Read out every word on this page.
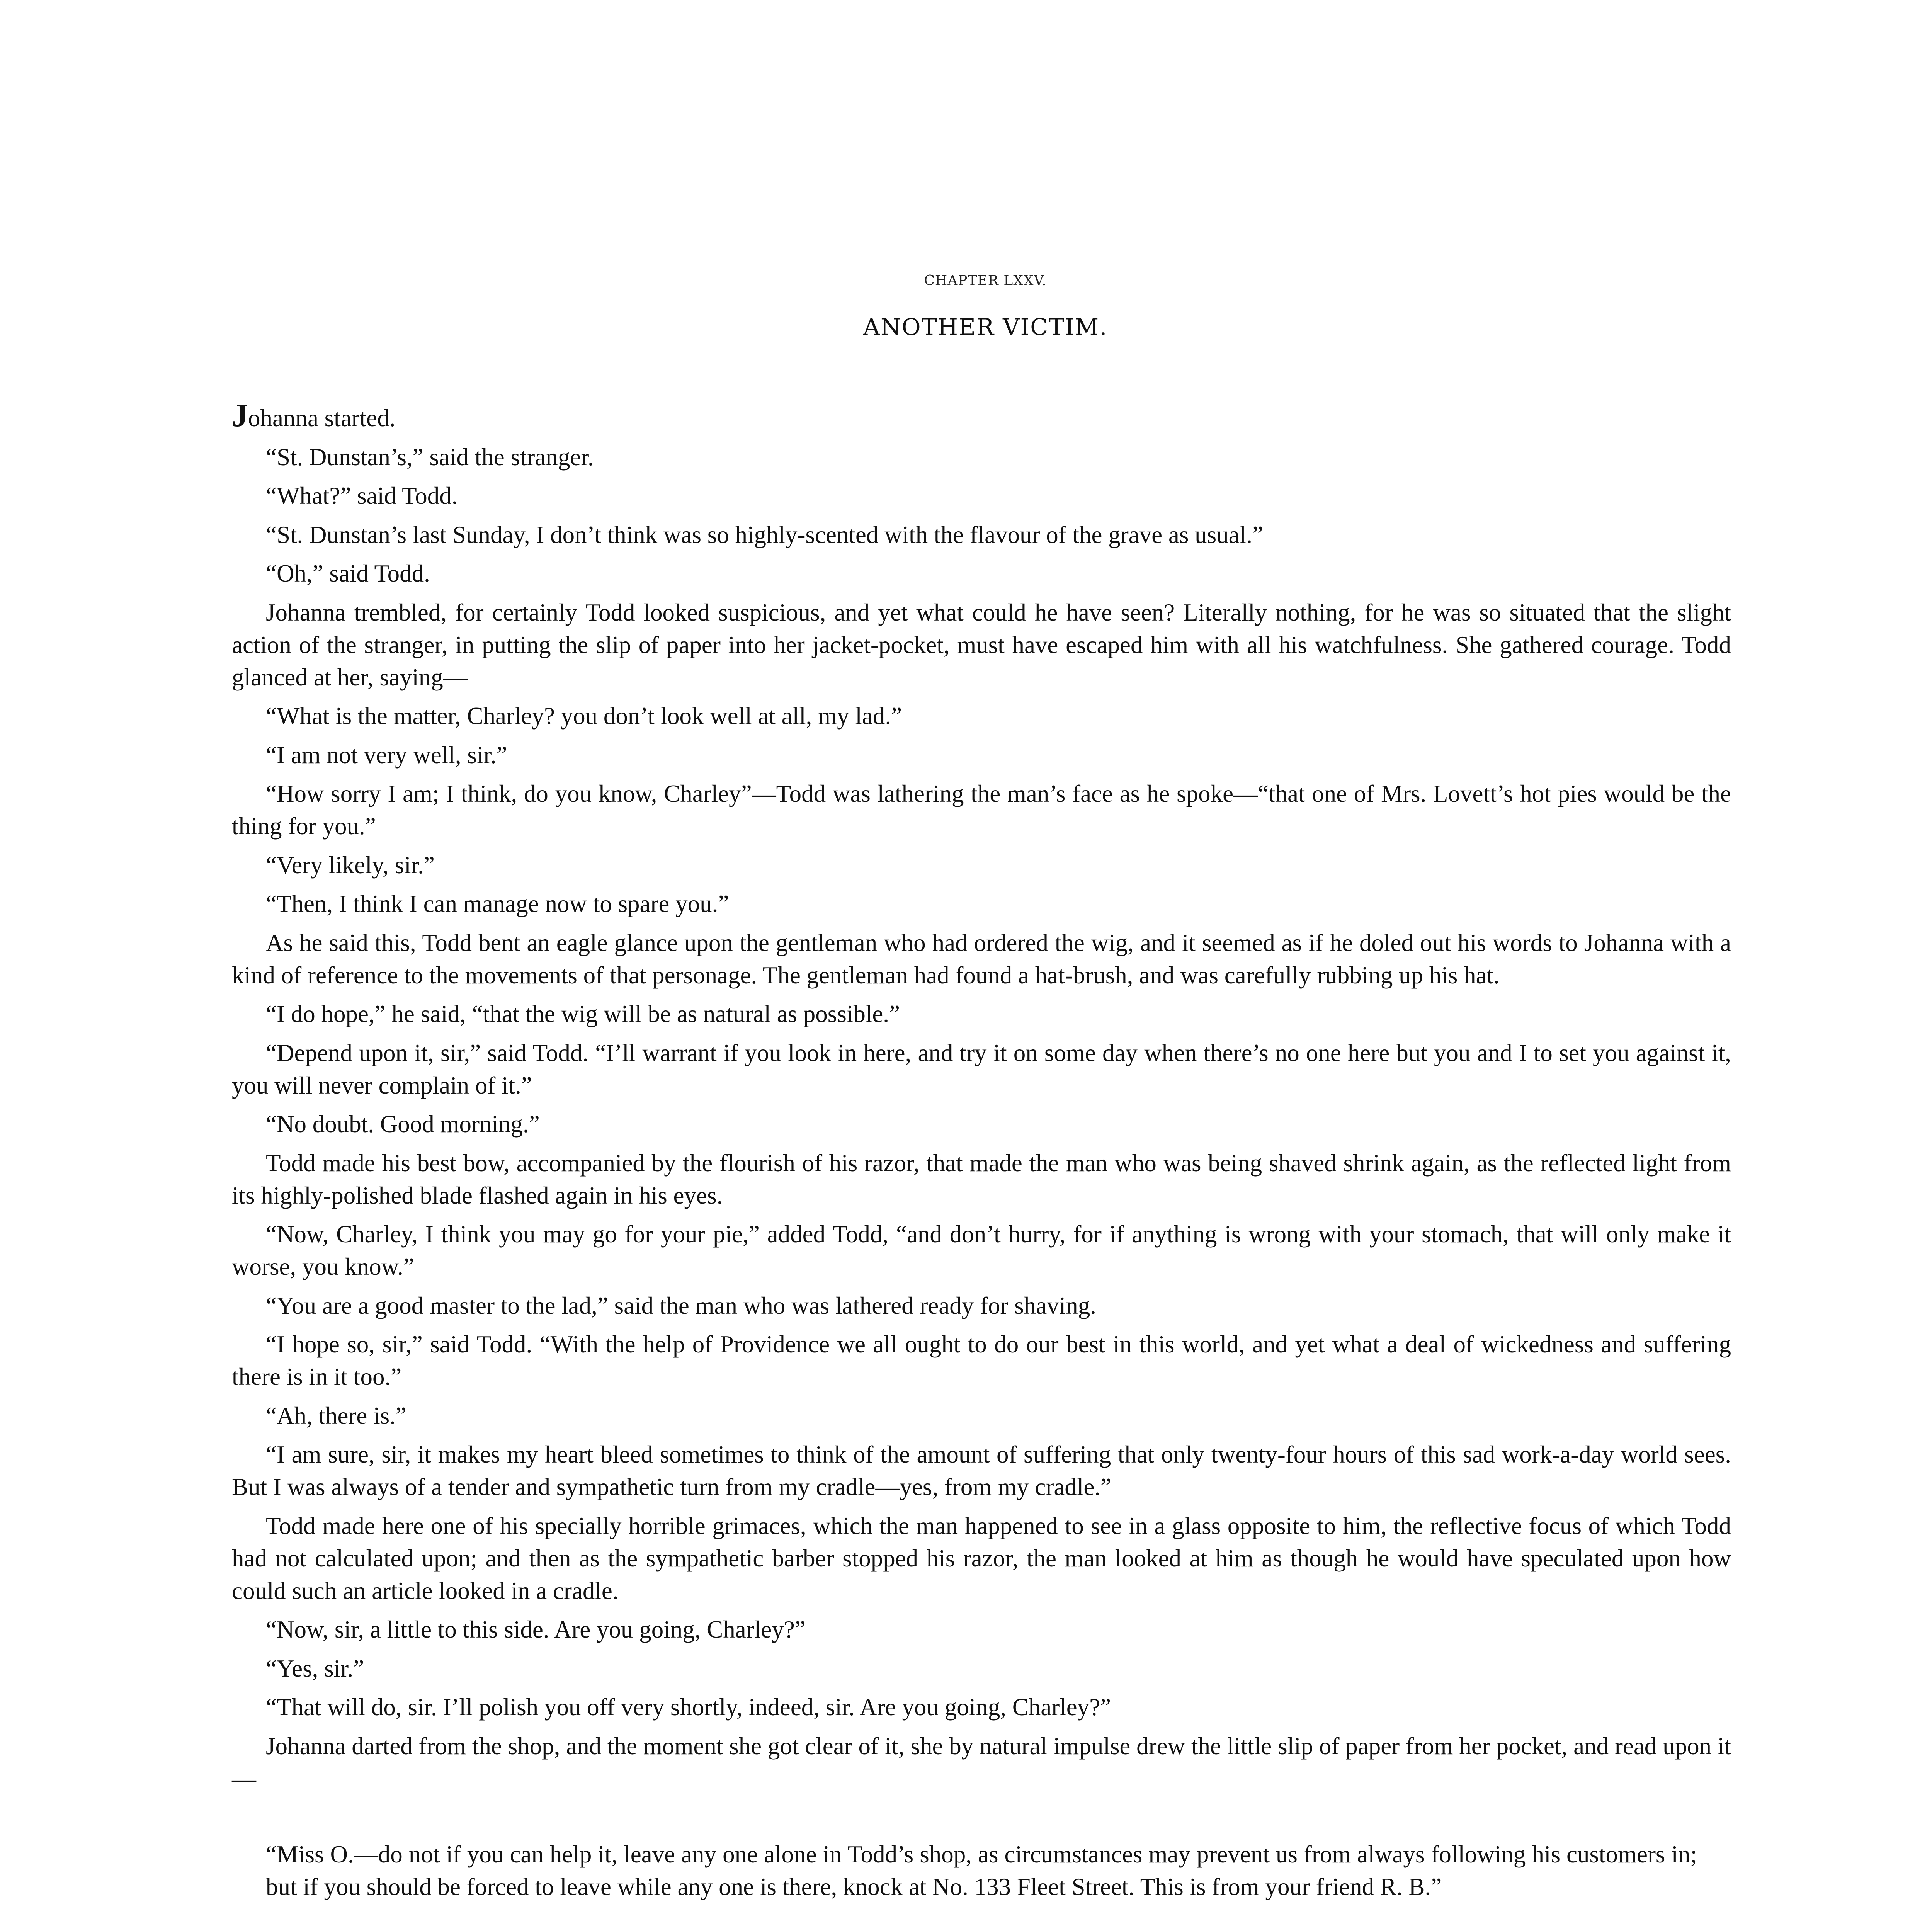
CHAPTER LXXV.
ANOTHER VICTIM.

Johanna started.

“St. Dunstan’s,” said the stranger.

“What?” said Todd.

“St. Dunstan’s last Sunday, I don’t think was so highly-scented with the flavour of the grave as usual.”

“Oh,” said Todd.

Johanna trembled, for certainly Todd looked suspicious, and yet what could he have seen? Literally nothing, for he was so situated that the slight action of the stranger, in putting the slip of paper into her jacket-pocket, must have escaped him with all his watchfulness. She gathered courage. Todd glanced at her, saying—

“What is the matter, Charley? you don’t look well at all, my lad.”

“I am not very well, sir.”

“How sorry I am; I think, do you know, Charley”—Todd was lathering the man’s face as he spoke—“that one of Mrs. Lovett’s hot pies would be the thing for you.”

“Very likely, sir.”

“Then, I think I can manage now to spare you.”

As he said this, Todd bent an eagle glance upon the gentleman who had ordered the wig, and it seemed as if he doled out his words to Johanna with a kind of reference to the movements of that personage. The gentleman had found a hat-brush, and was carefully rubbing up his hat.

“I do hope,” he said, “that the wig will be as natural as possible.”

“Depend upon it, sir,” said Todd. “I’ll warrant if you look in here, and try it on some day when there’s no one here but you and I to set you against it, you will never complain of it.”

“No doubt. Good morning.”

Todd made his best bow, accompanied by the flourish of his razor, that made the man who was being shaved shrink again, as the reflected light from its highly-polished blade flashed again in his eyes.

“Now, Charley, I think you may go for your pie,” added Todd, “and don’t hurry, for if anything is wrong with your stomach, that will only make it worse, you know.”

“You are a good master to the lad,” said the man who was lathered ready for shaving.

“I hope so, sir,” said Todd. “With the help of Providence we all ought to do our best in this world, and yet what a deal of wickedness and suffering there is in it too.”

“Ah, there is.”

“I am sure, sir, it makes my heart bleed sometimes to think of the amount of suffering that only twenty-four hours of this sad work-a-day world sees. But I was always of a tender and sympathetic turn from my cradle—yes, from my cradle.”

Todd made here one of his specially horrible grimaces, which the man happened to see in a glass opposite to him, the reflective focus of which Todd had not calculated upon; and then as the sympathetic barber stopped his razor, the man looked at him as though he would have speculated upon how could such an article looked in a cradle.

“Now, sir, a little to this side. Are you going, Charley?”

“Yes, sir.”

“That will do, sir. I’ll polish you off very shortly, indeed, sir. Are you going, Charley?”

Johanna darted from the shop, and the moment she got clear of it, she by natural impulse drew the little slip of paper from her pocket, and read upon it—

“Miss O.—do not if you can help it, leave any one alone in Todd’s shop, as circumstances may prevent us from always following his customers in; but if you should be forced to leave while any one is there, knock at No. 133 Fleet Street. This is from your friend R. B.”
